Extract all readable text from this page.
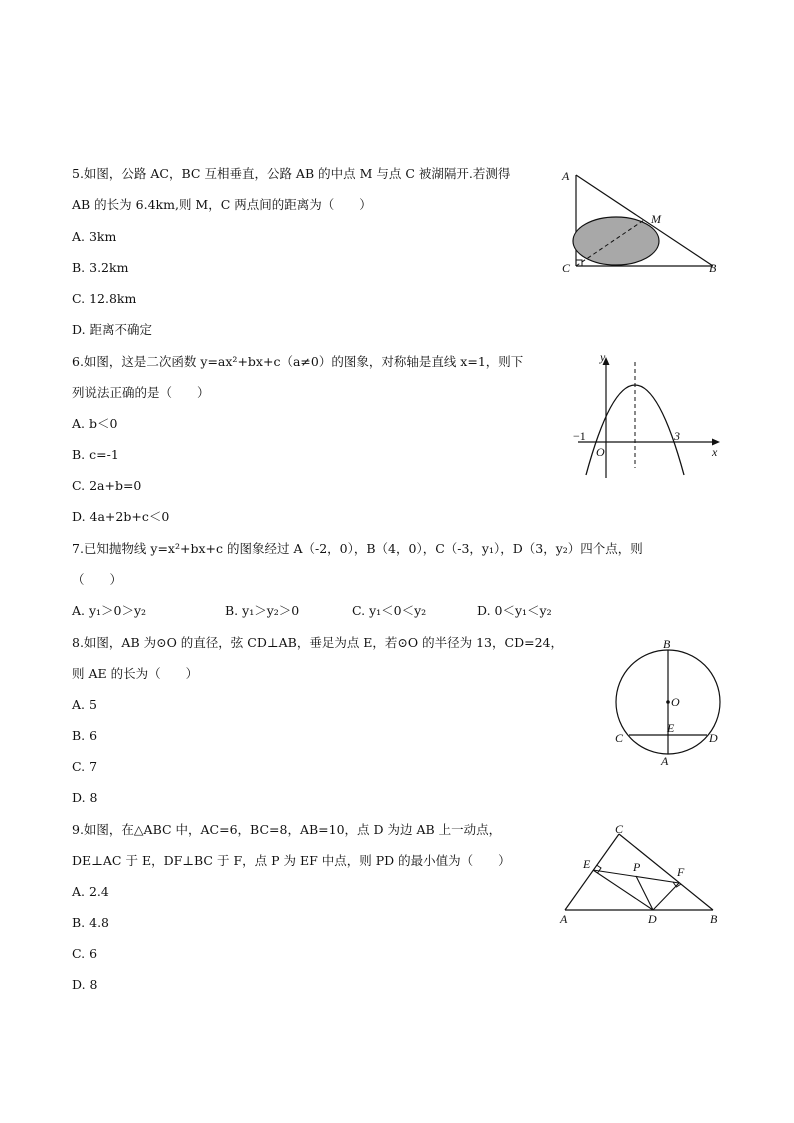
5.如图，公路 AC，BC 互相垂直，公路 AB 的中点 M 与点 C 被湖隔开.若测得
AB 的长为 6.4km,则 M，C 两点间的距离为（　　）
A. 3km
B. 3.2km
C. 12.8km
D. 距离不确定
A
C	B
M
6.如图，这是二次函数 y=ax²+bx+c（a≠0）的图象，对称轴是直线 x=1，则下
列说法正确的是（　　）
A. b＜0
B. c=-1
C. 2a+b=0
D. 4a+2b+c＜0
y
x
O
−1	3
7.已知抛物线 y=x²+bx+c 的图象经过 A（-2，0），B（4，0），C（-3，y₁），D（3，y₂）四个点，则
（　　）
A. y₁＞0＞y₂	B. y₁＞y₂＞0	C. y₁＜0＜y₂	D. 0＜y₁＜y₂
8.如图，AB 为⊙O 的直径，弦 CD⊥AB，垂足为点 E，若⊙O 的半径为 13，CD=24，
则 AE 的长为（　　）
A. 5
B. 6
C. 7
D. 8
B
O
E
C	D
A
9.如图，在△ABC 中，AC=6，BC=8，AB=10，点 D 为边 AB 上一动点，
DE⊥AC 于 E，DF⊥BC 于 F，点 P 为 EF 中点，则 PD 的最小值为（　　）
A. 2.4
B. 4.8
C. 6
D. 8
C
E	P	F
A	D	B
